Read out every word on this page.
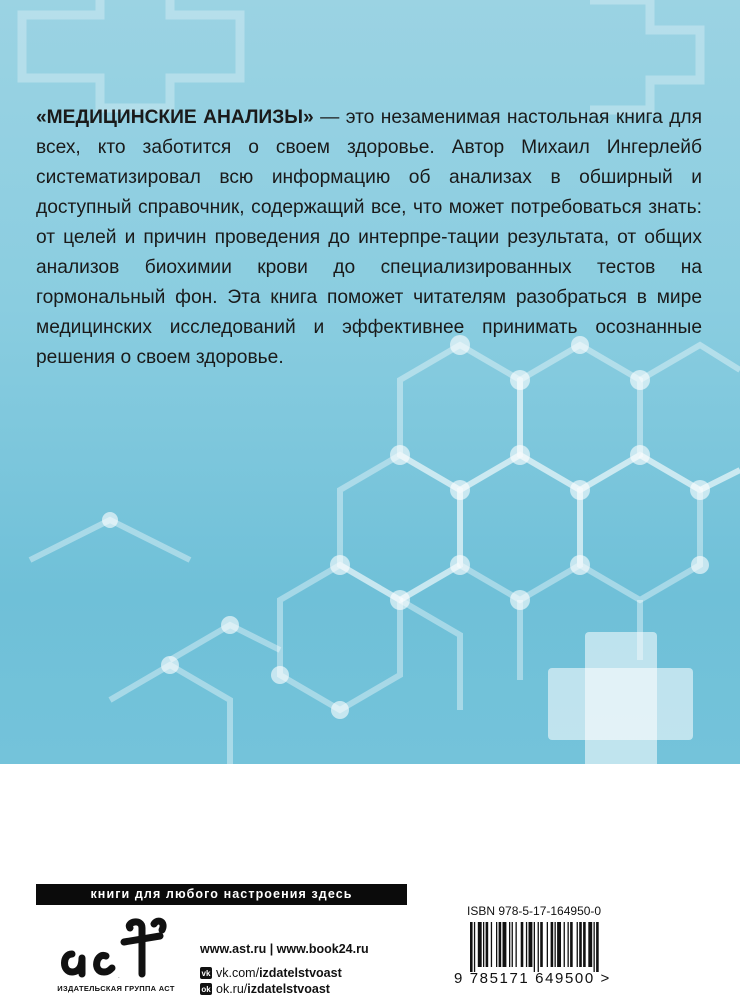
«МЕДИЦИНСКИЕ АНАЛИЗЫ» — это незаменимая настольная книга для всех, кто заботится о своем здоровье. Автор Михаил Ингерлейб систематизировал всю информацию об анализах в обширный и доступный справочник, содержащий все, что может потребоваться знать: от целей и причин проведения до интерпре-тации результата, от общих анализов биохимии крови до специализированных тестов на гормональный фон. Эта книга поможет читателям разобраться в мире медицинских исследований и эффективнее принимать осознанные решения о своем здоровье.

книги для любого настроения здесь
аст
ИЗДАТЕЛЬСКАЯ ГРУППА АСТ
www.ast.ru | www.book24.ru
vk vk.com/ izdatelstvoast
ok ok.ru/ izdatelstvoast
ISBN 978-5-17-164950-0
9 785171 649500 >
